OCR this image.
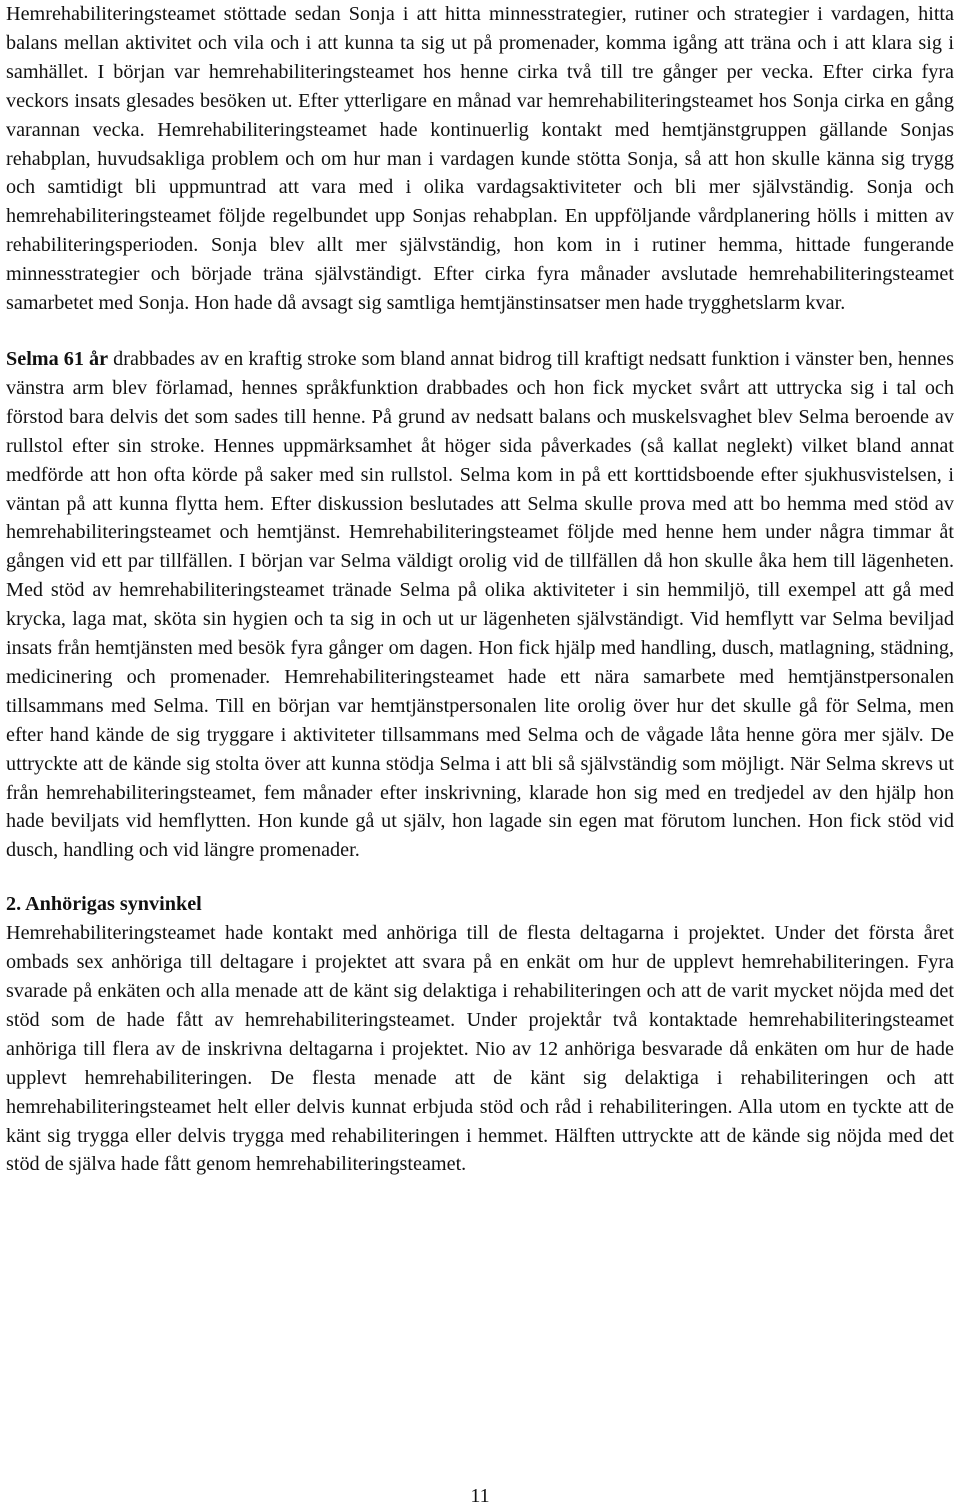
Hemrehabiliteringsteamet stöttade sedan Sonja i att hitta minnesstrategier, rutiner och strategier i vardagen, hitta balans mellan aktivitet och vila och i att kunna ta sig ut på promenader, komma igång att träna och i att klara sig i samhället. I början var hemrehabiliteringsteamet hos henne cirka två till tre gånger per vecka. Efter cirka fyra veckors insats glesades besöken ut. Efter ytterligare en månad var hemrehabiliteringsteamet hos Sonja cirka en gång varannan vecka. Hemrehabiliteringsteamet hade kontinuerlig kontakt med hemtjänstgruppen gällande Sonjas rehabplan, huvudsakliga problem och om hur man i vardagen kunde stötta Sonja, så att hon skulle känna sig trygg och samtidigt bli uppmuntrad att vara med i olika vardagsaktiviteter och bli mer självständig. Sonja och hemrehabiliteringsteamet följde regelbundet upp Sonjas rehabplan. En uppföljande vårdplanering hölls i mitten av rehabiliteringsperioden. Sonja blev allt mer självständig, hon kom in i rutiner hemma, hittade fungerande minnesstrategier och började träna självständigt. Efter cirka fyra månader avslutade hemrehabiliteringsteamet samarbetet med Sonja. Hon hade då avsagt sig samtliga hemtjänstinsatser men hade trygghetslarm kvar.

Selma 61 år drabbades av en kraftig stroke som bland annat bidrog till kraftigt nedsatt funktion i vänster ben, hennes vänstra arm blev förlamad, hennes språkfunktion drabbades och hon fick mycket svårt att uttrycka sig i tal och förstod bara delvis det som sades till henne. På grund av nedsatt balans och muskelsvaghet blev Selma beroende av rullstol efter sin stroke. Hennes uppmärksamhet åt höger sida påverkades (så kallat neglekt) vilket bland annat medförde att hon ofta körde på saker med sin rullstol. Selma kom in på ett korttidsboende efter sjukhusvistelsen, i väntan på att kunna flytta hem. Efter diskussion beslutades att Selma skulle prova med att bo hemma med stöd av hemrehabiliteringsteamet och hemtjänst. Hemrehabiliteringsteamet följde med henne hem under några timmar åt gången vid ett par tillfällen. I början var Selma väldigt orolig vid de tillfällen då hon skulle åka hem till lägenheten. Med stöd av hemrehabiliteringsteamet tränade Selma på olika aktiviteter i sin hemmiljö, till exempel att gå med krycka, laga mat, sköta sin hygien och ta sig in och ut ur lägenheten självständigt. Vid hemflytt var Selma beviljad insats från hemtjänsten med besök fyra gånger om dagen. Hon fick hjälp med handling, dusch, matlagning, städning, medicinering och promenader. Hemrehabiliteringsteamet hade ett nära samarbete med hemtjänstpersonalen tillsammans med Selma. Till en början var hemtjänstpersonalen lite orolig över hur det skulle gå för Selma, men efter hand kände de sig tryggare i aktiviteter tillsammans med Selma och de vågade låta henne göra mer själv. De uttryckte att de kände sig stolta över att kunna stödja Selma i att bli så självständig som möjligt. När Selma skrevs ut från hemrehabiliteringsteamet, fem månader efter inskrivning, klarade hon sig med en tredjedel av den hjälp hon hade beviljats vid hemflytten. Hon kunde gå ut själv, hon lagade sin egen mat förutom lunchen. Hon fick stöd vid dusch, handling och vid längre promenader.

2. Anhörigas synvinkel

Hemrehabiliteringsteamet hade kontakt med anhöriga till de flesta deltagarna i projektet. Under det första året ombads sex anhöriga till deltagare i projektet att svara på en enkät om hur de upplevt hemrehabiliteringen. Fyra svarade på enkäten och alla menade att de känt sig delaktiga i rehabiliteringen och att de varit mycket nöjda med det stöd som de hade fått av hemrehabiliteringsteamet. Under projektår två kontaktade hemrehabiliteringsteamet anhöriga till flera av de inskrivna deltagarna i projektet. Nio av 12 anhöriga besvarade då enkäten om hur de hade upplevt hemrehabiliteringen. De flesta menade att de känt sig delaktiga i rehabiliteringen och att hemrehabiliteringsteamet helt eller delvis kunnat erbjuda stöd och råd i rehabiliteringen. Alla utom en tyckte att de känt sig trygga eller delvis trygga med rehabiliteringen i hemmet. Hälften uttryckte att de kände sig nöjda med det stöd de själva hade fått genom hemrehabiliteringsteamet.

11
